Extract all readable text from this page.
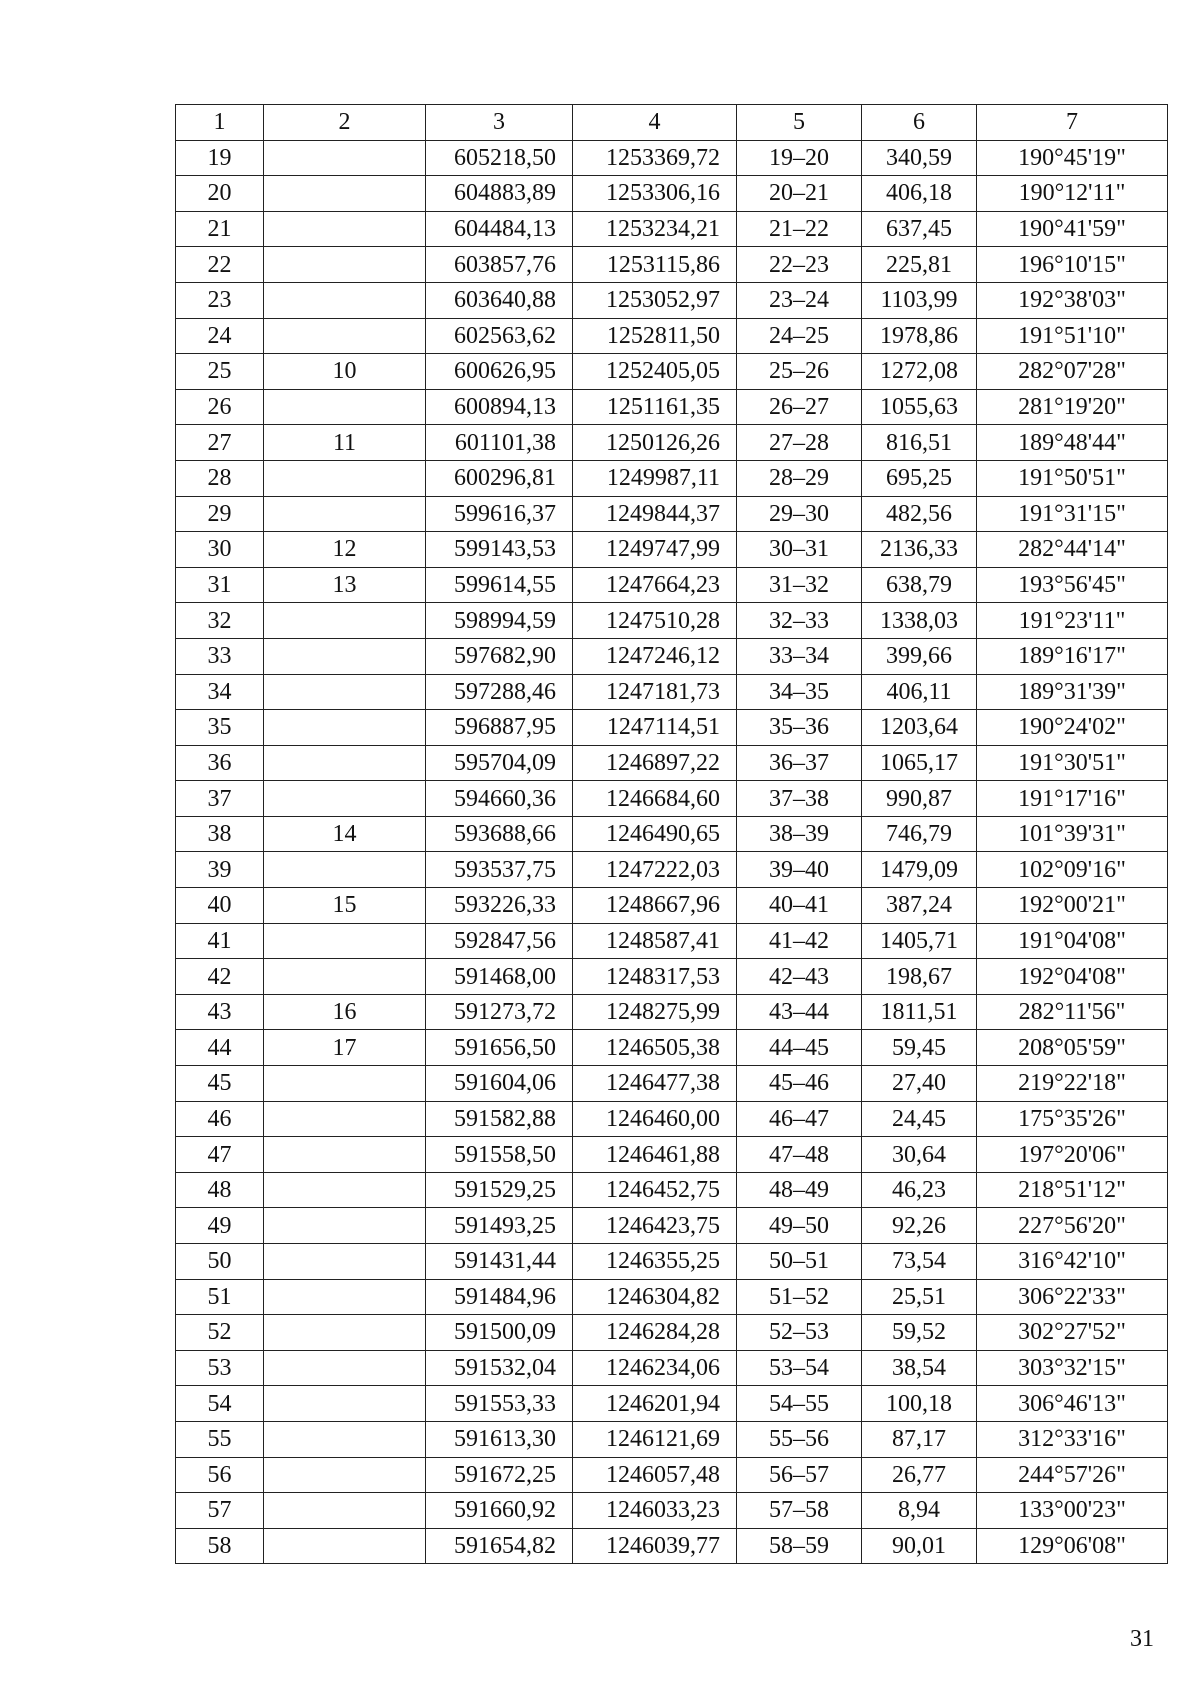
1	2	3	4	5	6	7
19		605218,50	1253369,72	19–20	340,59	190°45'19"
20		604883,89	1253306,16	20–21	406,18	190°12'11"
21		604484,13	1253234,21	21–22	637,45	190°41'59"
22		603857,76	1253115,86	22–23	225,81	196°10'15"
23		603640,88	1253052,97	23–24	1103,99	192°38'03"
24		602563,62	1252811,50	24–25	1978,86	191°51'10"
25	10	600626,95	1252405,05	25–26	1272,08	282°07'28"
26		600894,13	1251161,35	26–27	1055,63	281°19'20"
27	11	601101,38	1250126,26	27–28	816,51	189°48'44"
28		600296,81	1249987,11	28–29	695,25	191°50'51"
29		599616,37	1249844,37	29–30	482,56	191°31'15"
30	12	599143,53	1249747,99	30–31	2136,33	282°44'14"
31	13	599614,55	1247664,23	31–32	638,79	193°56'45"
32		598994,59	1247510,28	32–33	1338,03	191°23'11"
33		597682,90	1247246,12	33–34	399,66	189°16'17"
34		597288,46	1247181,73	34–35	406,11	189°31'39"
35		596887,95	1247114,51	35–36	1203,64	190°24'02"
36		595704,09	1246897,22	36–37	1065,17	191°30'51"
37		594660,36	1246684,60	37–38	990,87	191°17'16"
38	14	593688,66	1246490,65	38–39	746,79	101°39'31"
39		593537,75	1247222,03	39–40	1479,09	102°09'16"
40	15	593226,33	1248667,96	40–41	387,24	192°00'21"
41		592847,56	1248587,41	41–42	1405,71	191°04'08"
42		591468,00	1248317,53	42–43	198,67	192°04'08"
43	16	591273,72	1248275,99	43–44	1811,51	282°11'56"
44	17	591656,50	1246505,38	44–45	59,45	208°05'59"
45		591604,06	1246477,38	45–46	27,40	219°22'18"
46		591582,88	1246460,00	46–47	24,45	175°35'26"
47		591558,50	1246461,88	47–48	30,64	197°20'06"
48		591529,25	1246452,75	48–49	46,23	218°51'12"
49		591493,25	1246423,75	49–50	92,26	227°56'20"
50		591431,44	1246355,25	50–51	73,54	316°42'10"
51		591484,96	1246304,82	51–52	25,51	306°22'33"
52		591500,09	1246284,28	52–53	59,52	302°27'52"
53		591532,04	1246234,06	53–54	38,54	303°32'15"
54		591553,33	1246201,94	54–55	100,18	306°46'13"
55		591613,30	1246121,69	55–56	87,17	312°33'16"
56		591672,25	1246057,48	56–57	26,77	244°57'26"
57		591660,92	1246033,23	57–58	8,94	133°00'23"
58		591654,82	1246039,77	58–59	90,01	129°06'08"
31
